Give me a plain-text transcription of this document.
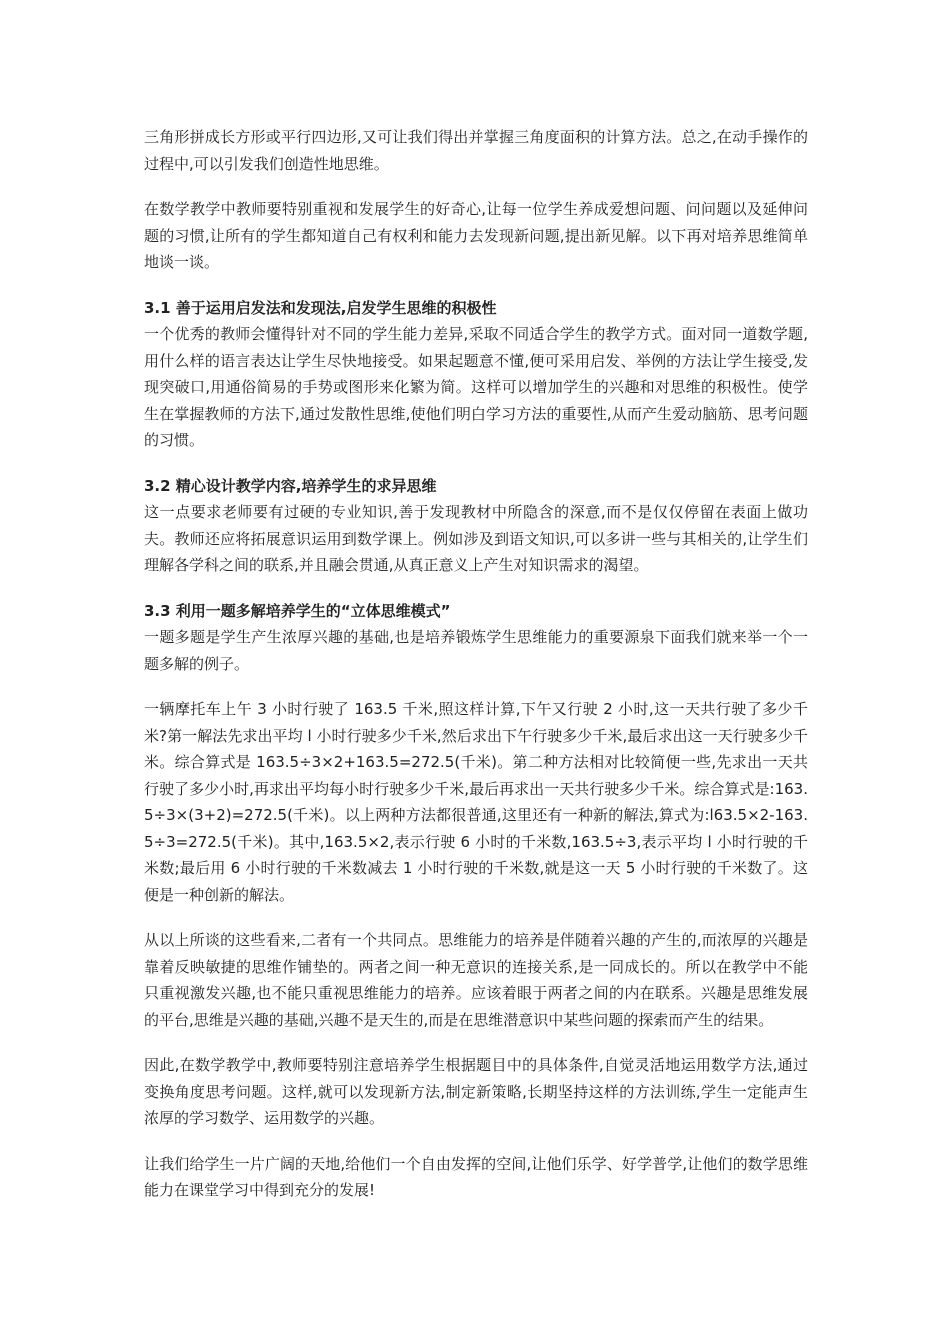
三角形拼成长方形或平行四边形,又可让我们得出并掌握三角度面积的计算方法。总之,在动手操作的过程中,可以引发我们创造性地思维。

在数学教学中教师要特别重视和发展学生的好奇心,让每一位学生养成爱想问题、问问题以及延伸问题的习惯,让所有的学生都知道自己有权利和能力去发现新问题,提出新见解。以下再对培养思维简单地谈一谈。

3.1 善于运用启发法和发现法,启发学生思维的积极性

一个优秀的教师会懂得针对不同的学生能力差异,采取不同适合学生的教学方式。面对同一道数学题,用什么样的语言表达让学生尽快地接受。如果起题意不懂,便可采用启发、举例的方法让学生接受,发现突破口,用通俗简易的手势或图形来化繁为简。这样可以增加学生的兴趣和对思维的积极性。使学生在掌握教师的方法下,通过发散性思维,使他们明白学习方法的重要性,从而产生爱动脑筋、思考问题的习惯。

3.2 精心设计教学内容,培养学生的求异思维

这一点要求老师要有过硬的专业知识,善于发现教材中所隐含的深意,而不是仅仅停留在表面上做功夫。教师还应将拓展意识运用到数学课上。例如涉及到语文知识,可以多讲一些与其相关的,让学生们理解各学科之间的联系,并且融会贯通,从真正意义上产生对知识需求的渴望。

3.3 利用一题多解培养学生的“立体思维模式”

一题多题是学生产生浓厚兴趣的基础,也是培养锻炼学生思维能力的重要源泉下面我们就来举一个一题多解的例子。

一辆摩托车上午 3 小时行驶了 163.5 千米,照这样计算,下午又行驶 2 小时,这一天共行驶了多少千米?第一解法先求出平均 l 小时行驶多少千米,然后求出下午行驶多少千米,最后求出这一天行驶多少千米。综合算式是 163.5÷3×2+163.5=272.5(千米)。第二种方法相对比较简便一些,先求出一天共行驶了多少小时,再求出平均每小时行驶多少千米,最后再求出一天共行驶多少千米。综合算式是:163.5÷3×(3+2)=272.5(千米)。以上两种方法都很普通,这里还有一种新的解法,算式为:l63.5×2-163.5÷3=272.5(千米)。其中,163.5×2,表示行驶 6 小时的千米数,163.5÷3,表示平均 l 小时行驶的千米数;最后用 6 小时行驶的千米数减去 1 小时行驶的千米数,就是这一天 5 小时行驶的千米数了。这便是一种创新的解法。

从以上所谈的这些看来,二者有一个共同点。思维能力的培养是伴随着兴趣的产生的,而浓厚的兴趣是靠着反映敏捷的思维作铺垫的。两者之间一种无意识的连接关系,是一同成长的。所以在教学中不能只重视激发兴趣,也不能只重视思维能力的培养。应该着眼于两者之间的内在联系。兴趣是思维发展的平台,思维是兴趣的基础,兴趣不是天生的,而是在思维潜意识中某些问题的探索而产生的结果。

因此,在数学教学中,教师要特别注意培养学生根据题目中的具体条件,自觉灵活地运用数学方法,通过变换角度思考问题。这样,就可以发现新方法,制定新策略,长期坚持这样的方法训练,学生一定能声生浓厚的学习数学、运用数学的兴趣。

让我们给学生一片广阔的天地,给他们一个自由发挥的空间,让他们乐学、好学普学,让他们的数学思维能力在课堂学习中得到充分的发展!
